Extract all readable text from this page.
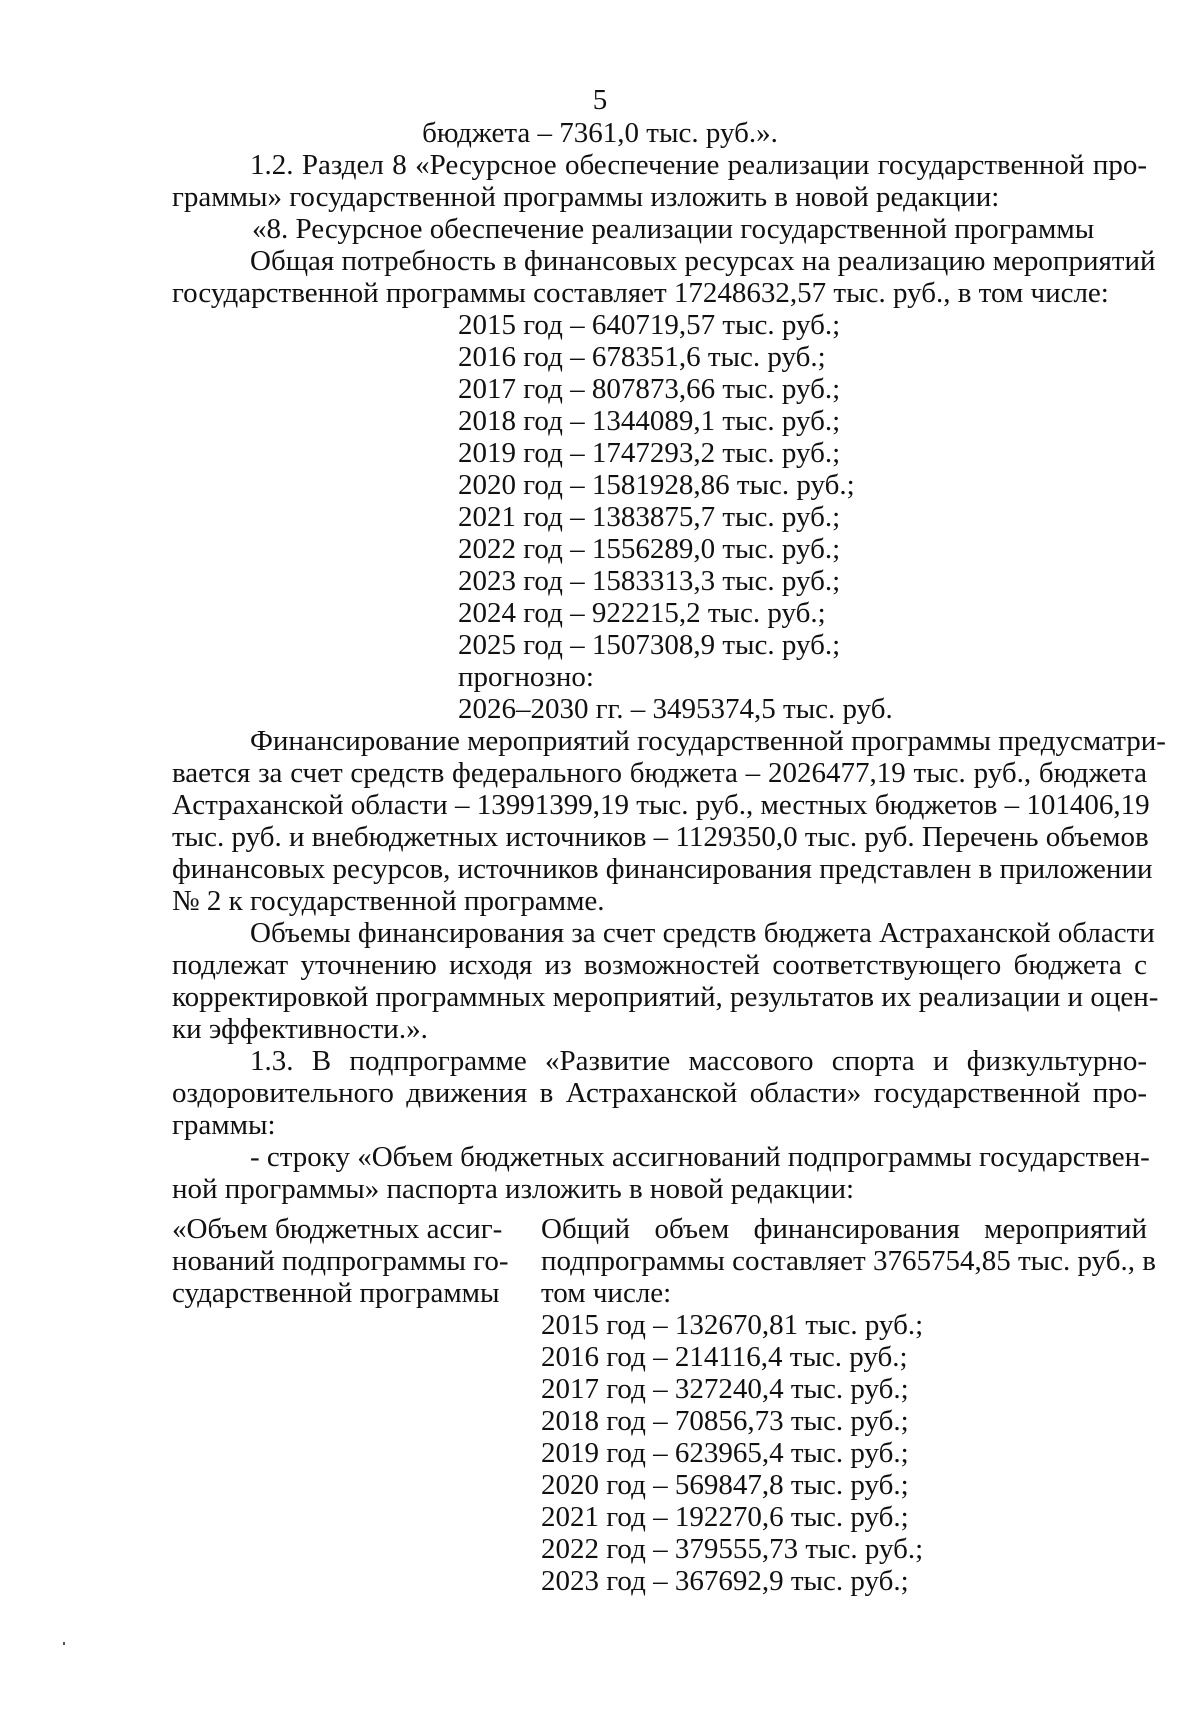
5
бюджета – 7361,0 тыс. руб.».
1.2. Раздел 8 «Ресурсное обеспечение реализации государственной про-
граммы» государственной программы изложить в новой редакции:
«8. Ресурсное обеспечение реализации государственной программы
Общая потребность в финансовых ресурсах на реализацию мероприятий
государственной программы составляет 17248632,57 тыс. руб., в том числе:
2015 год – 640719,57 тыс. руб.;
2016 год – 678351,6 тыс. руб.;
2017 год – 807873,66 тыс. руб.;
2018 год – 1344089,1 тыс. руб.;
2019 год – 1747293,2 тыс. руб.;
2020 год – 1581928,86 тыс. руб.;
2021 год – 1383875,7 тыс. руб.;
2022 год – 1556289,0 тыс. руб.;
2023 год – 1583313,3 тыс. руб.;
2024 год – 922215,2 тыс. руб.;
2025 год – 1507308,9 тыс. руб.;
прогнозно:
2026–2030 гг. – 3495374,5 тыс. руб.
Финансирование мероприятий государственной программы предусматри-
вается за счет средств федерального бюджета – 2026477,19 тыс. руб., бюджета
Астраханской области – 13991399,19 тыс. руб., местных бюджетов – 101406,19
тыс. руб. и внебюджетных источников – 1129350,0 тыс. руб. Перечень объемов
финансовых ресурсов, источников финансирования представлен в приложении
№ 2 к государственной программе.
Объемы финансирования за счет средств бюджета Астраханской области
подлежат уточнению исходя из возможностей соответствующего бюджета с
корректировкой программных мероприятий, результатов их реализации и оцен-
ки эффективности.».
1.3. В подпрограмме «Развитие массового спорта и физкультурно-
оздоровительного движения в Астраханской области» государственной про-
граммы:
- строку «Объем бюджетных ассигнований подпрограммы государствен-
ной программы» паспорта изложить в новой редакции:
«Объем бюджетных ассиг-
нований подпрограммы го-
сударственной программы
Общий объем финансирования мероприятий
подпрограммы составляет 3765754,85 тыс. руб., в
том числе:
2015 год – 132670,81 тыс. руб.;
2016 год – 214116,4 тыс. руб.;
2017 год – 327240,4 тыс. руб.;
2018 год – 70856,73 тыс. руб.;
2019 год – 623965,4 тыс. руб.;
2020 год – 569847,8 тыс. руб.;
2021 год – 192270,6 тыс. руб.;
2022 год – 379555,73 тыс. руб.;
2023 год – 367692,9 тыс. руб.;
